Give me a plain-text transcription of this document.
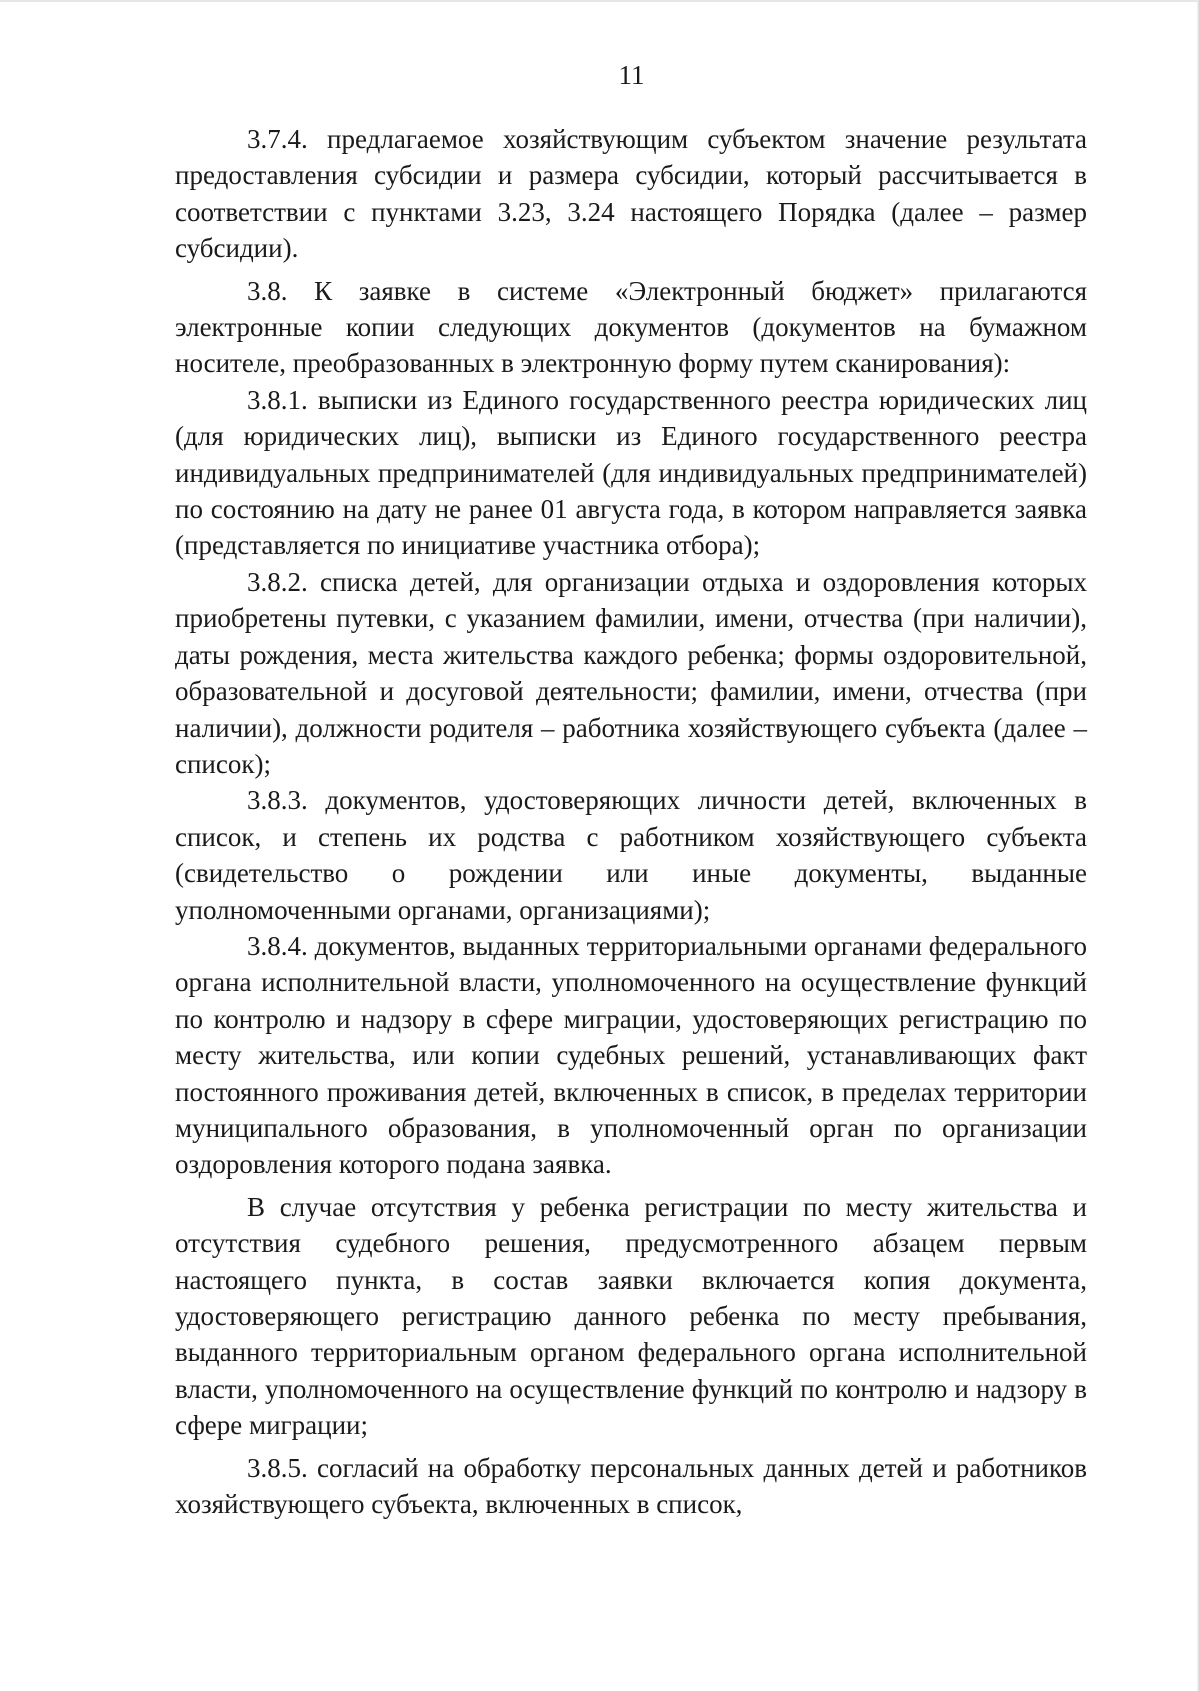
11

3.7.4. предлагаемое хозяйствующим субъектом значение результата предоставления субсидии и размера субсидии, который рассчитывается в соответствии с пунктами 3.23, 3.24 настоящего Порядка (далее – размер субсидии).

3.8. К заявке в системе «Электронный бюджет» прилагаются электронные копии следующих документов (документов на бумажном носителе, преобразованных в электронную форму путем сканирования):

3.8.1. выписки из Единого государственного реестра юридических лиц (для юридических лиц), выписки из Единого государственного реестра индивидуальных предпринимателей (для индивидуальных предпринимателей) по состоянию на дату не ранее 01 августа года, в котором направляется заявка (представляется по инициативе участника отбора);

3.8.2. списка детей, для организации отдыха и оздоровления которых приобретены путевки, с указанием фамилии, имени, отчества (при наличии), даты рождения, места жительства каждого ребенка; формы оздоровительной, образовательной и досуговой деятельности; фамилии, имени, отчества (при наличии), должности родителя – работника хозяйствующего субъекта (далее – список);

3.8.3. документов, удостоверяющих личности детей, включенных в список, и степень их родства с работником хозяйствующего субъекта (свидетельство о рождении или иные документы, выданные уполномоченными органами, организациями);

3.8.4. документов, выданных территориальными органами федерального органа исполнительной власти, уполномоченного на осуществление функций по контролю и надзору в сфере миграции, удостоверяющих регистрацию по месту жительства, или копии судебных решений, устанавливающих факт постоянного проживания детей, включенных в список, в пределах территории муниципального образования, в уполномоченный орган по организации оздоровления которого подана заявка.

В случае отсутствия у ребенка регистрации по месту жительства и отсутствия судебного решения, предусмотренного абзацем первым настоящего пункта, в состав заявки включается копия документа, удостоверяющего регистрацию данного ребенка по месту пребывания, выданного территориальным органом федерального органа исполнительной власти, уполномоченного на осуществление функций по контролю и надзору в сфере миграции;

3.8.5. согласий на обработку персональных данных детей и работников хозяйствующего субъекта, включенных в список,
